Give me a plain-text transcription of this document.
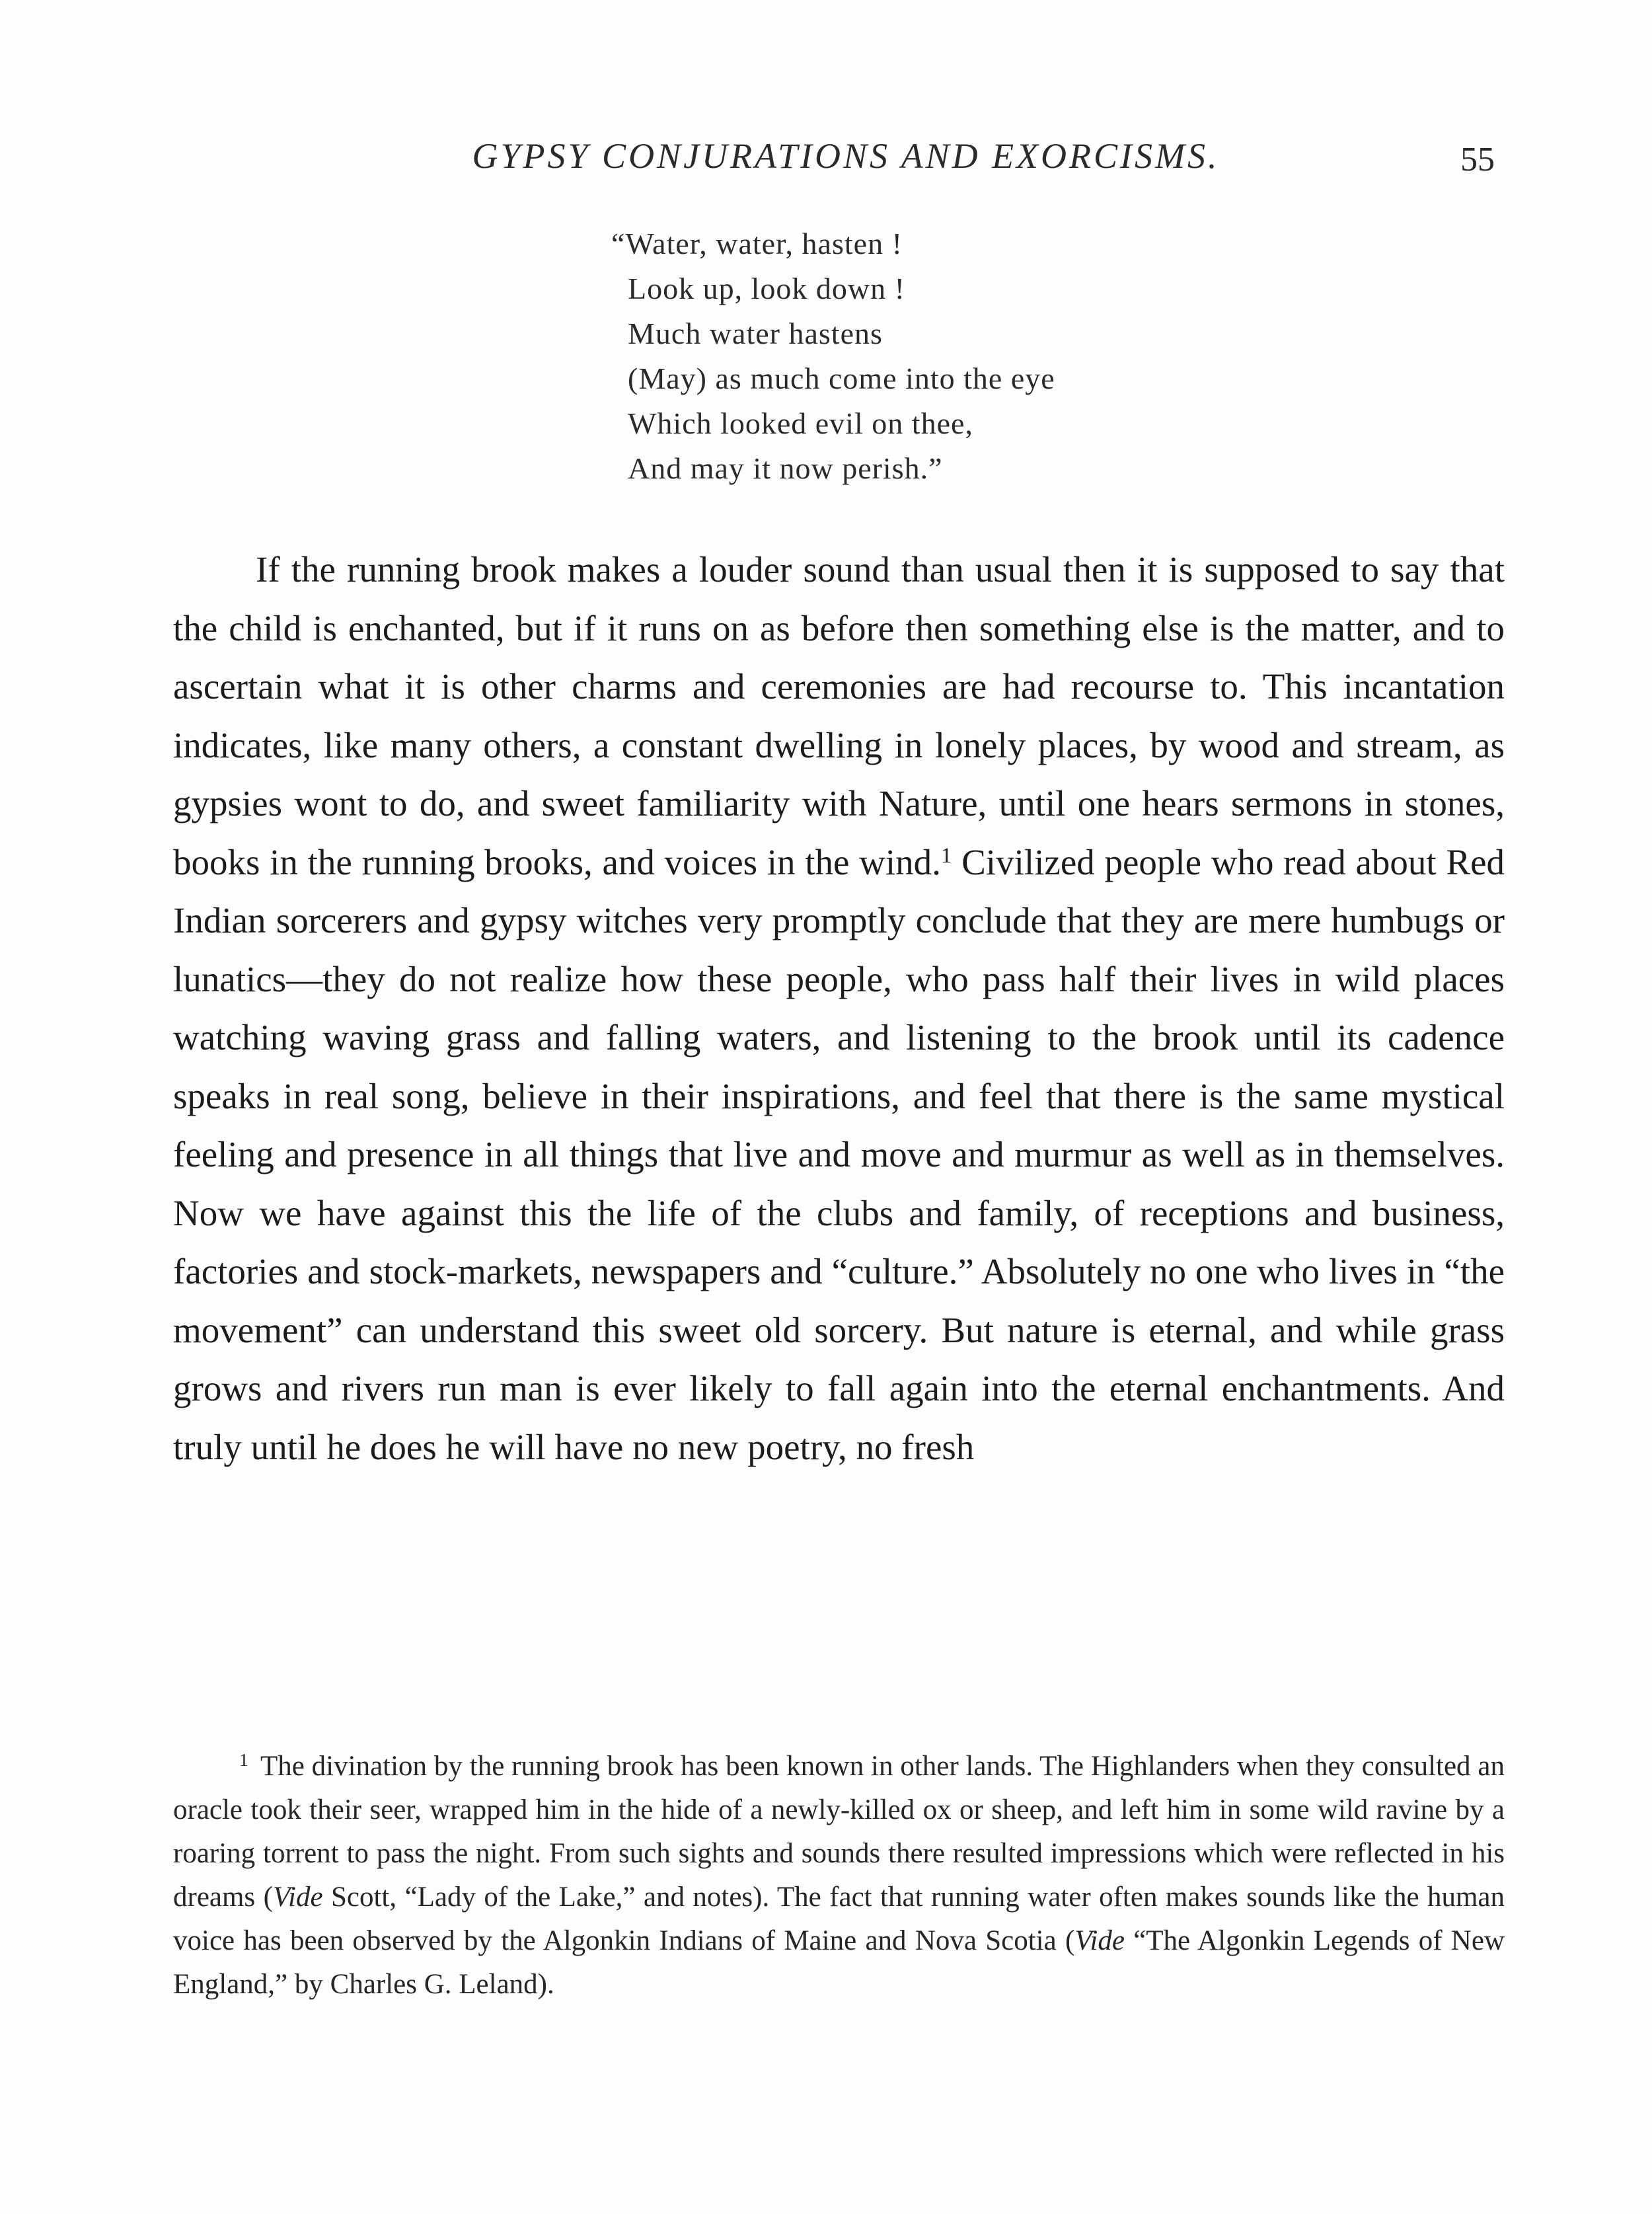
GYPSY CONJURATIONS AND EXORCISMS.	55
“Water, water, hasten !
Look up, look down !
Much water hastens
(May) as much come into the eye
Which looked evil on thee,
And may it now perish.”

If the running brook makes a louder sound than usual then it is supposed to say that the child is enchanted, but if it runs on as before then something else is the matter, and to ascertain what it is other charms and ceremonies are had recourse to. This incantation indicates, like many others, a constant dwelling in lonely places, by wood and stream, as gypsies wont to do, and sweet familiarity with Nature, until one hears sermons in stones, books in the running brooks, and voices in the wind.$^1$ Civilized people who read about Red Indian sorcerers and gypsy witches very promptly conclude that they are mere humbugs or lunatics—they do not realize how these people, who pass half their lives in wild places watching waving grass and falling waters, and listening to the brook until its cadence speaks in real song, believe in their inspirations, and feel that there is the same mystical feeling and presence in all things that live and move and murmur as well as in themselves. Now we have against this the life of the clubs and family, of receptions and business, factories and stock-markets, newspapers and “culture.” Absolutely no one who lives in “the movement” can understand this sweet old sorcery. But nature is eternal, and while grass grows and rivers run man is ever likely to fall again into the eternal enchantments. And truly until he does he will have no new poetry, no fresh

$^1$ The divination by the running brook has been known in other lands. The Highlanders when they consulted an oracle took their seer, wrapped him in the hide of a newly-killed ox or sheep, and left him in some wild ravine by a roaring torrent to pass the night. From such sights and sounds there resulted impressions which were reflected in his dreams (Vide Scott, “Lady of the Lake,” and notes). The fact that running water often makes sounds like the human voice has been observed by the Algonkin Indians of Maine and Nova Scotia (Vide “The Algonkin Legends of New England,” by Charles G. Leland).
